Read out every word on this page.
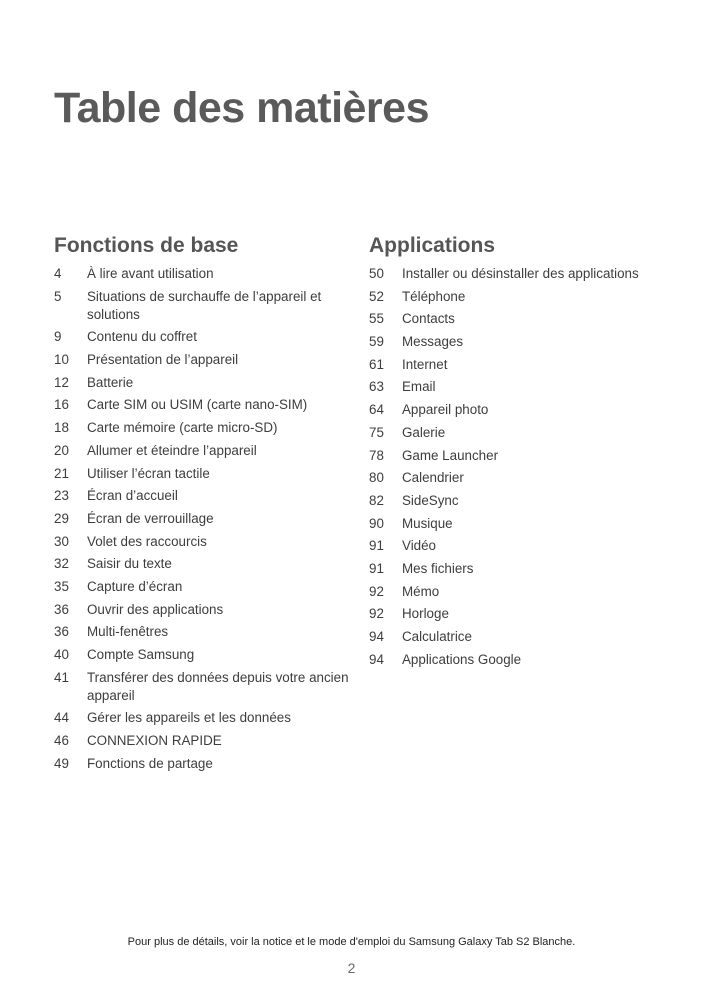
Table des matières
Fonctions de base
4	À lire avant utilisation
5	Situations de surchauffe de l’appareil et solutions
9	Contenu du coffret
10	Présentation de l’appareil
12	Batterie
16	Carte SIM ou USIM (carte nano-SIM)
18	Carte mémoire (carte micro-SD)
20	Allumer et éteindre l’appareil
21	Utiliser l’écran tactile
23	Écran d’accueil
29	Écran de verrouillage
30	Volet des raccourcis
32	Saisir du texte
35	Capture d’écran
36	Ouvrir des applications
36	Multi-fenêtres
40	Compte Samsung
41	Transférer des données depuis votre ancien appareil
44	Gérer les appareils et les données
46	CONNEXION RAPIDE
49	Fonctions de partage
Applications
50	Installer ou désinstaller des applications
52	Téléphone
55	Contacts
59	Messages
61	Internet
63	Email
64	Appareil photo
75	Galerie
78	Game Launcher
80	Calendrier
82	SideSync
90	Musique
91	Vidéo
91	Mes fichiers
92	Mémo
92	Horloge
94	Calculatrice
94	Applications Google
Pour plus de détails, voir la notice et le mode d'emploi du Samsung Galaxy Tab S2 Blanche.
2
